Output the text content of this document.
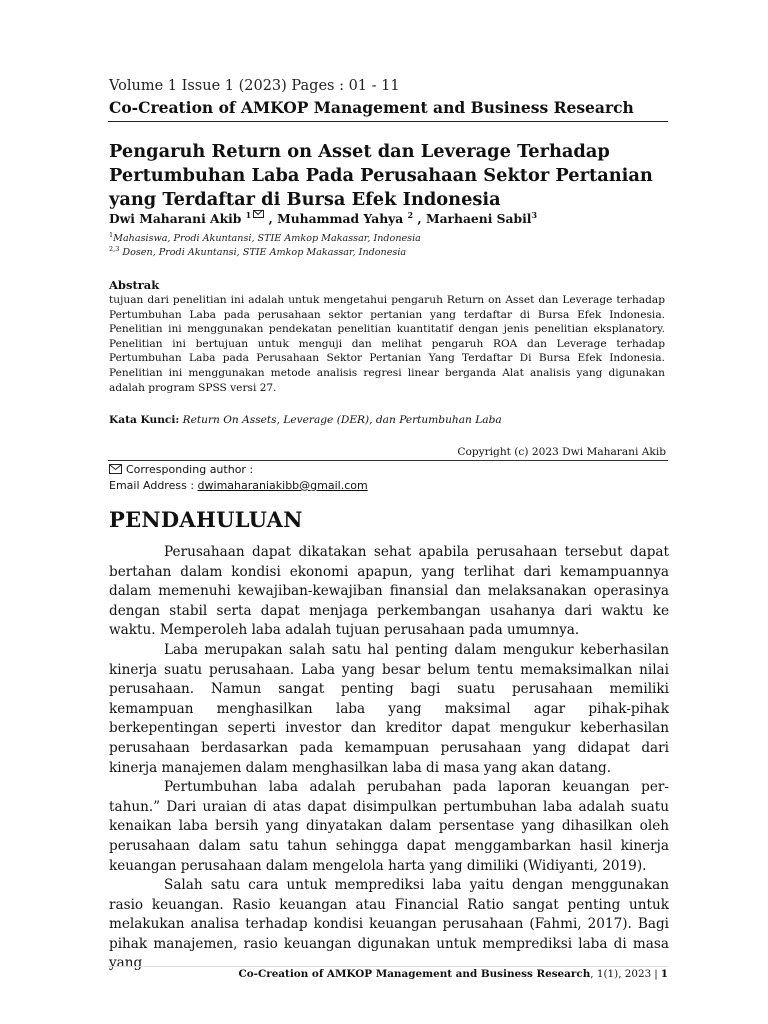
Volume 1 Issue 1 (2023) Pages : 01 - 11
Co-Creation of AMKOP Management and Business Research
Pengaruh Return on Asset dan Leverage Terhadap Pertumbuhan Laba Pada Perusahaan Sektor Pertanian yang Terdaftar di Bursa Efek Indonesia
Dwi Maharani Akib $^1$ , Muhammad Yahya $^2$ , Marhaeni Sabil$^3$
$^1$Mahasiswa, Prodi Akuntansi, STIE Amkop Makassar, Indonesia
$^{2,3}$ Dosen, Prodi Akuntansi, STIE Amkop Makassar, Indonesia
Abstrak

tujuan dari penelitian ini adalah untuk mengetahui pengaruh Return on Asset dan Leverage terhadap Pertumbuhan Laba pada perusahaan sektor pertanian yang terdaftar di Bursa Efek Indonesia. Penelitian ini menggunakan pendekatan penelitian kuantitatif dengan jenis penelitian eksplanatory. Penelitian ini bertujuan untuk menguji dan melihat pengaruh ROA dan Leverage terhadap Pertumbuhan Laba pada Perusahaan Sektor Pertanian Yang Terdaftar Di Bursa Efek Indonesia. Penelitian ini menggunakan metode analisis regresi linear berganda Alat analisis yang digunakan adalah program SPSS versi 27.

Kata Kunci: Return On Assets, Leverage (DER), dan Pertumbuhan Laba
Copyright (c) 2023 Dwi Maharani Akib
Corresponding author :
Email Address : dwimaharaniakibb@gmail.com
PENDAHULUAN

Perusahaan dapat dikatakan sehat apabila perusahaan tersebut dapat bertahan dalam kondisi ekonomi apapun, yang terlihat dari kemampuannya dalam memenuhi kewajiban-kewajiban finansial dan melaksanakan operasinya dengan stabil serta dapat menjaga perkembangan usahanya dari waktu ke waktu. Memperoleh laba adalah tujuan perusahaan pada umumnya.

Laba merupakan salah satu hal penting dalam mengukur keberhasilan kinerja suatu perusahaan. Laba yang besar belum tentu memaksimalkan nilai perusahaan. Namun sangat penting bagi suatu perusahaan memiliki kemampuan menghasilkan laba yang maksimal agar pihak-pihak berkepentingan seperti investor dan kreditor dapat mengukur keberhasilan perusahaan berdasarkan pada kemampuan perusahaan yang didapat dari kinerja manajemen dalam menghasilkan laba di masa yang akan datang.

Pertumbuhan laba adalah perubahan pada laporan keuangan per-tahun.” Dari uraian di atas dapat disimpulkan pertumbuhan laba adalah suatu kenaikan laba bersih yang dinyatakan dalam persentase yang dihasilkan oleh perusahaan dalam satu tahun sehingga dapat menggambarkan hasil kinerja keuangan perusahaan dalam mengelola harta yang dimiliki (Widiyanti, 2019).

Salah satu cara untuk memprediksi laba yaitu dengan menggunakan rasio keuangan. Rasio keuangan atau Financial Ratio sangat penting untuk melakukan analisa terhadap kondisi keuangan perusahaan (Fahmi, 2017). Bagi pihak manajemen, rasio keuangan digunakan untuk memprediksi laba di masa yang

Co-Creation of AMKOP Management and Business Research, 1(1), 2023 | 1
